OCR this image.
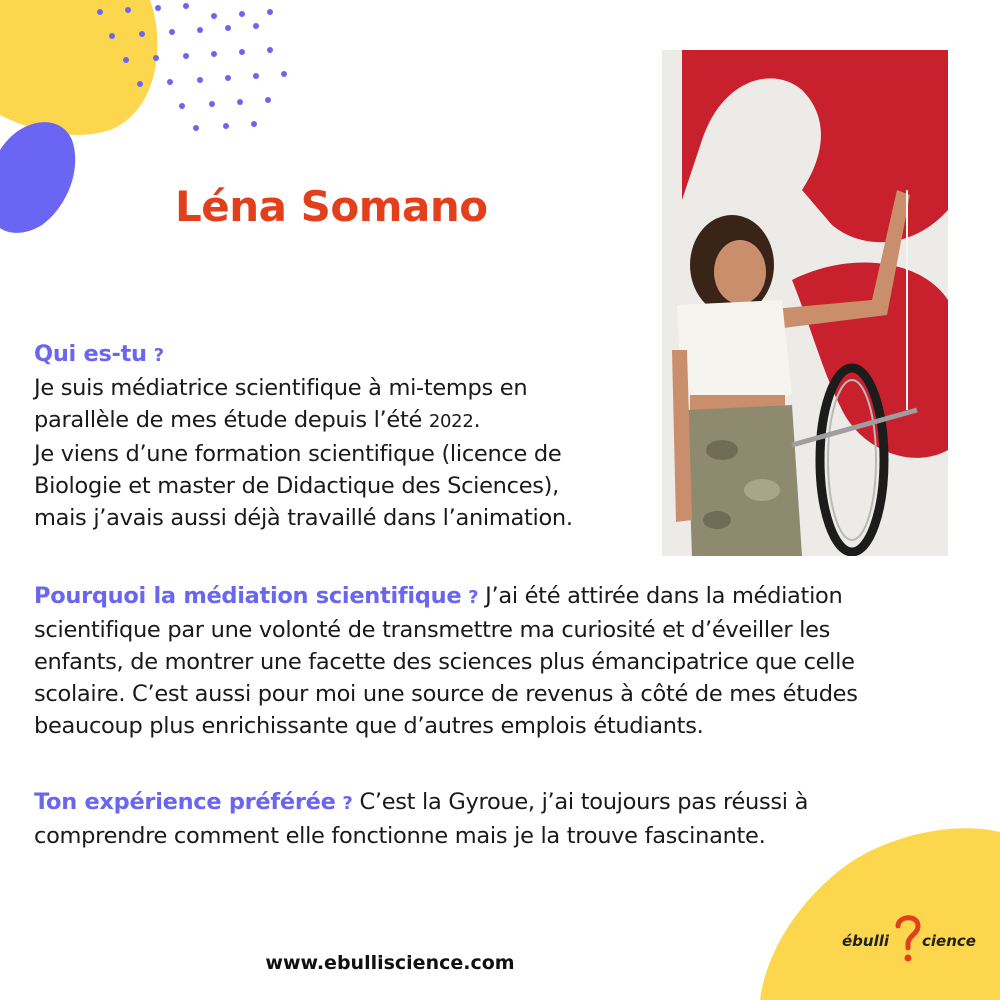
Léna Somano
Qui es-tu ?
Je suis médiatrice scientifique à mi-temps en
parallèle de mes étude depuis l’été 2022.
Je viens d’une formation scientifique (licence de
Biologie et master de Didactique des Sciences),
mais j’avais aussi déjà travaillé dans l’animation.
Pourquoi la médiation scientifique ? J’ai été attirée dans la médiation
scientifique par une volonté de transmettre ma curiosité et d’éveiller les
enfants, de montrer une facette des sciences plus émancipatrice que celle
scolaire. C’est aussi pour moi une source de revenus à côté de mes études
beaucoup plus enrichissante que d’autres emplois étudiants.
Ton expérience préférée ? C’est la Gyroue, j’ai toujours pas réussi à
comprendre comment elle fonctionne mais je la trouve fascinante.
www.ebulliscience.com
ébulli cience
